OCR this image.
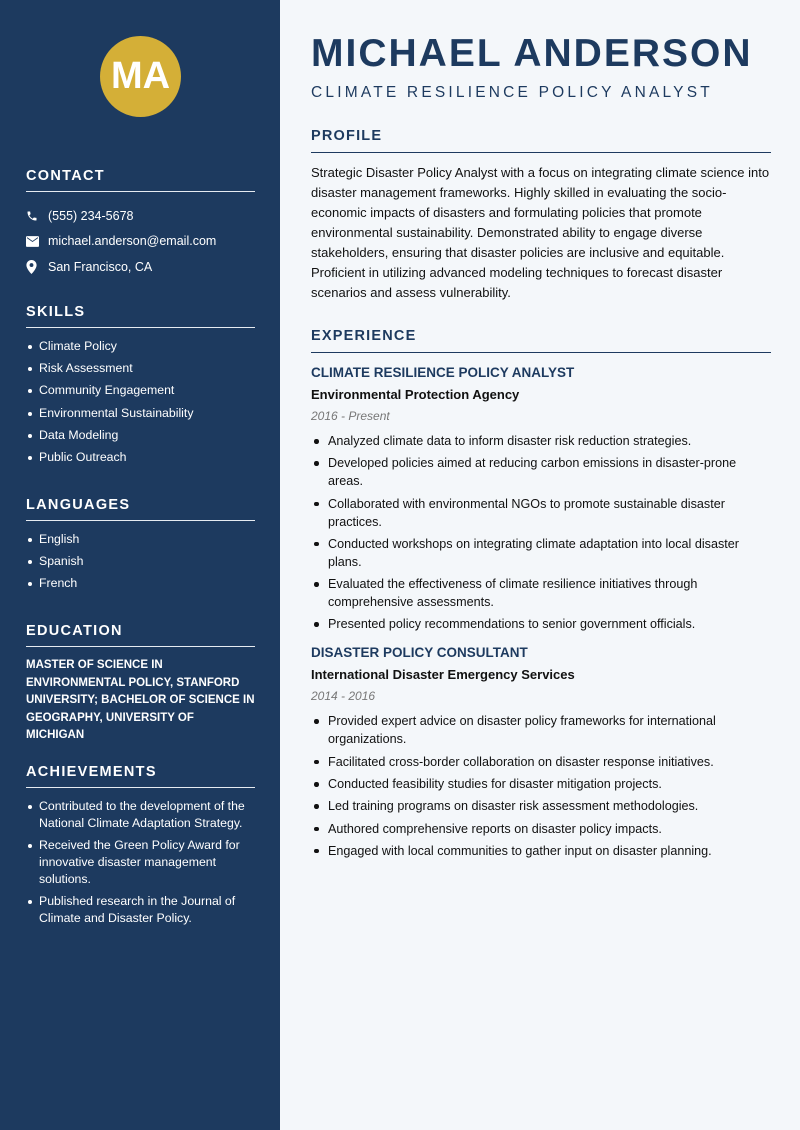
MA
CONTACT
(555) 234-5678
michael.anderson@email.com
San Francisco, CA
SKILLS
Climate Policy
Risk Assessment
Community Engagement
Environmental Sustainability
Data Modeling
Public Outreach
LANGUAGES
English
Spanish
French
EDUCATION
MASTER OF SCIENCE IN ENVIRONMENTAL POLICY, STANFORD UNIVERSITY; BACHELOR OF SCIENCE IN GEOGRAPHY, UNIVERSITY OF MICHIGAN
ACHIEVEMENTS
Contributed to the development of the National Climate Adaptation Strategy.
Received the Green Policy Award for innovative disaster management solutions.
Published research in the Journal of Climate and Disaster Policy.
MICHAEL ANDERSON
CLIMATE RESILIENCE POLICY ANALYST
PROFILE
Strategic Disaster Policy Analyst with a focus on integrating climate science into disaster management frameworks. Highly skilled in evaluating the socio-economic impacts of disasters and formulating policies that promote environmental sustainability. Demonstrated ability to engage diverse stakeholders, ensuring that disaster policies are inclusive and equitable. Proficient in utilizing advanced modeling techniques to forecast disaster scenarios and assess vulnerability.
EXPERIENCE
CLIMATE RESILIENCE POLICY ANALYST
Environmental Protection Agency
2016 - Present
Analyzed climate data to inform disaster risk reduction strategies.
Developed policies aimed at reducing carbon emissions in disaster-prone areas.
Collaborated with environmental NGOs to promote sustainable disaster practices.
Conducted workshops on integrating climate adaptation into local disaster plans.
Evaluated the effectiveness of climate resilience initiatives through comprehensive assessments.
Presented policy recommendations to senior government officials.
DISASTER POLICY CONSULTANT
International Disaster Emergency Services
2014 - 2016
Provided expert advice on disaster policy frameworks for international organizations.
Facilitated cross-border collaboration on disaster response initiatives.
Conducted feasibility studies for disaster mitigation projects.
Led training programs on disaster risk assessment methodologies.
Authored comprehensive reports on disaster policy impacts.
Engaged with local communities to gather input on disaster planning.
